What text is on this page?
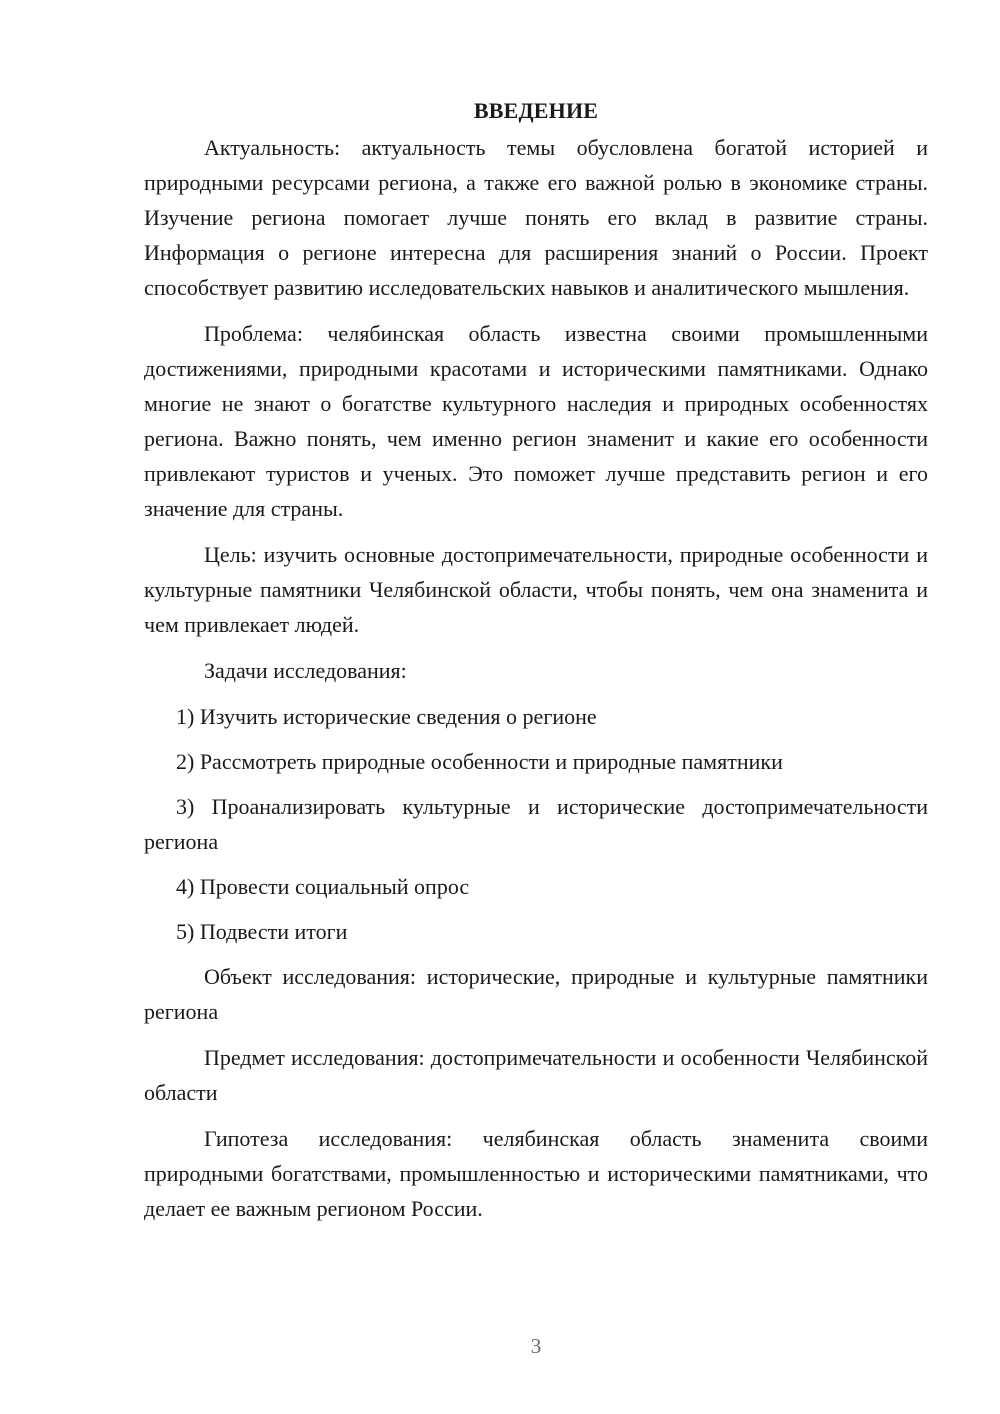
ВВЕДЕНИЕ

Актуальность: актуальность темы обусловлена богатой историей и природными ресурсами региона, а также его важной ролью в экономике страны. Изучение региона помогает лучше понять его вклад в развитие страны. Информация о регионе интересна для расширения знаний о России. Проект способствует развитию исследовательских навыков и аналитического мышления.

Проблема: челябинская область известна своими промышленными достижениями, природными красотами и историческими памятниками. Однако многие не знают о богатстве культурного наследия и природных особенностях региона. Важно понять, чем именно регион знаменит и какие его особенности привлекают туристов и ученых. Это поможет лучше представить регион и его значение для страны.

Цель: изучить основные достопримечательности, природные особенности и культурные памятники Челябинской области, чтобы понять, чем она знаменита и чем привлекает людей.

Задачи исследования:

1) Изучить исторические сведения о регионе

2) Рассмотреть природные особенности и природные памятники

3) Проанализировать культурные и исторические достопримечательности региона

4) Провести социальный опрос

5) Подвести итоги

Объект исследования: исторические, природные и культурные памятники региона

Предмет исследования: достопримечательности и особенности Челябинской области

Гипотеза исследования: челябинская область знаменита своими природными богатствами, промышленностью и историческими памятниками, что делает ее важным регионом России.

3
